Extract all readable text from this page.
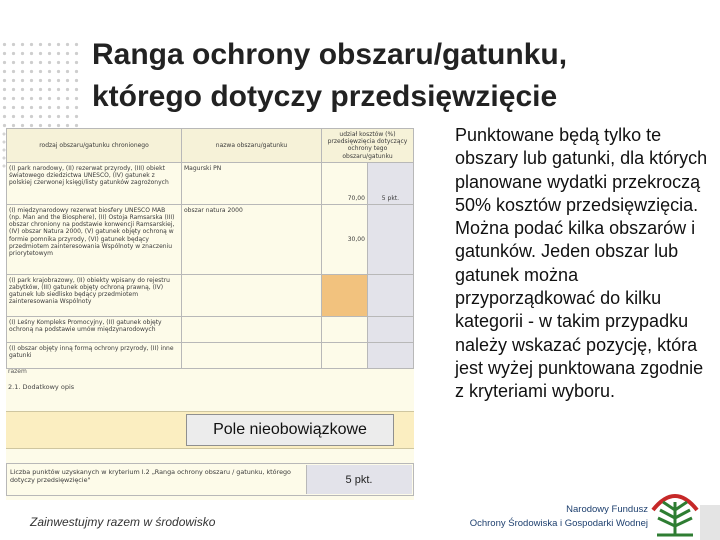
Ranga ochrony obszaru/gatunku,
którego dotyczy przedsięwzięcie
rodzaj obszaru/gatunku chronionego	nazwa obszaru/gatunku	udział kosztów (%) przedsięwzięcia dotyczący ochrony tego obszaru/gatunku	
(I) park narodowy, (II) rezerwat przyrody, (III) obiekt światowego dziedzictwa UNESCO, (IV) gatunek z polskiej czerwonej księgi/listy gatunków zagrożonych	Magurski PN	70,00	5 pkt.
(I) międzynarodowy rezerwat biosfery UNESCO MAB (np. Man and the Biosphere), (II) Ostoja Ramsarska (III) obszar chroniony na podstawie konwencji Ramsarskiej, (IV) obszar Natura 2000, (V) gatunek objęty ochroną w formie pomnika przyrody, (VI) gatunek będący przedmiotem zainteresowania Wspólnoty w znaczeniu priorytetowym	obszar natura 2000	30,00	
(I) park krajobrazowy, (II) obiekty wpisany do rejestru zabytków, (III) gatunek objęty ochroną prawną, (IV) gatunek lub siedlisko będący przedmiotem zainteresowania Wspólnoty			
(I) Leśny Kompleks Promocyjny, (II) gatunek objęty ochroną na podstawie umów międzynarodowych			
(I) obszar objęty inną formą ochrony przyrody, (II) inne gatunki			
razem
2.1. Dodatkowy opis
Pole nieobowiązkowe
Liczba punktów uzyskanych w kryterium I.2 „Ranga ochrony obszaru / gatunku, którego dotyczy przedsięwzięcie"	5 pkt.

Punktowane będą tylko te obszary lub gatunki, dla których planowane wydatki przekroczą 50% kosztów przedsięwzięcia.

Można podać kilka obszarów i gatunków. Jeden obszar lub gatunek można przyporządkować do kilku kategorii - w takim przypadku należy wskazać pozycję, która jest wyżej punktowana zgodnie z kryteriami wyboru.

Zainwestujmy razem w środowisko
Narodowy Fundusz
Ochrony Środowiska i Gospodarki Wodnej
